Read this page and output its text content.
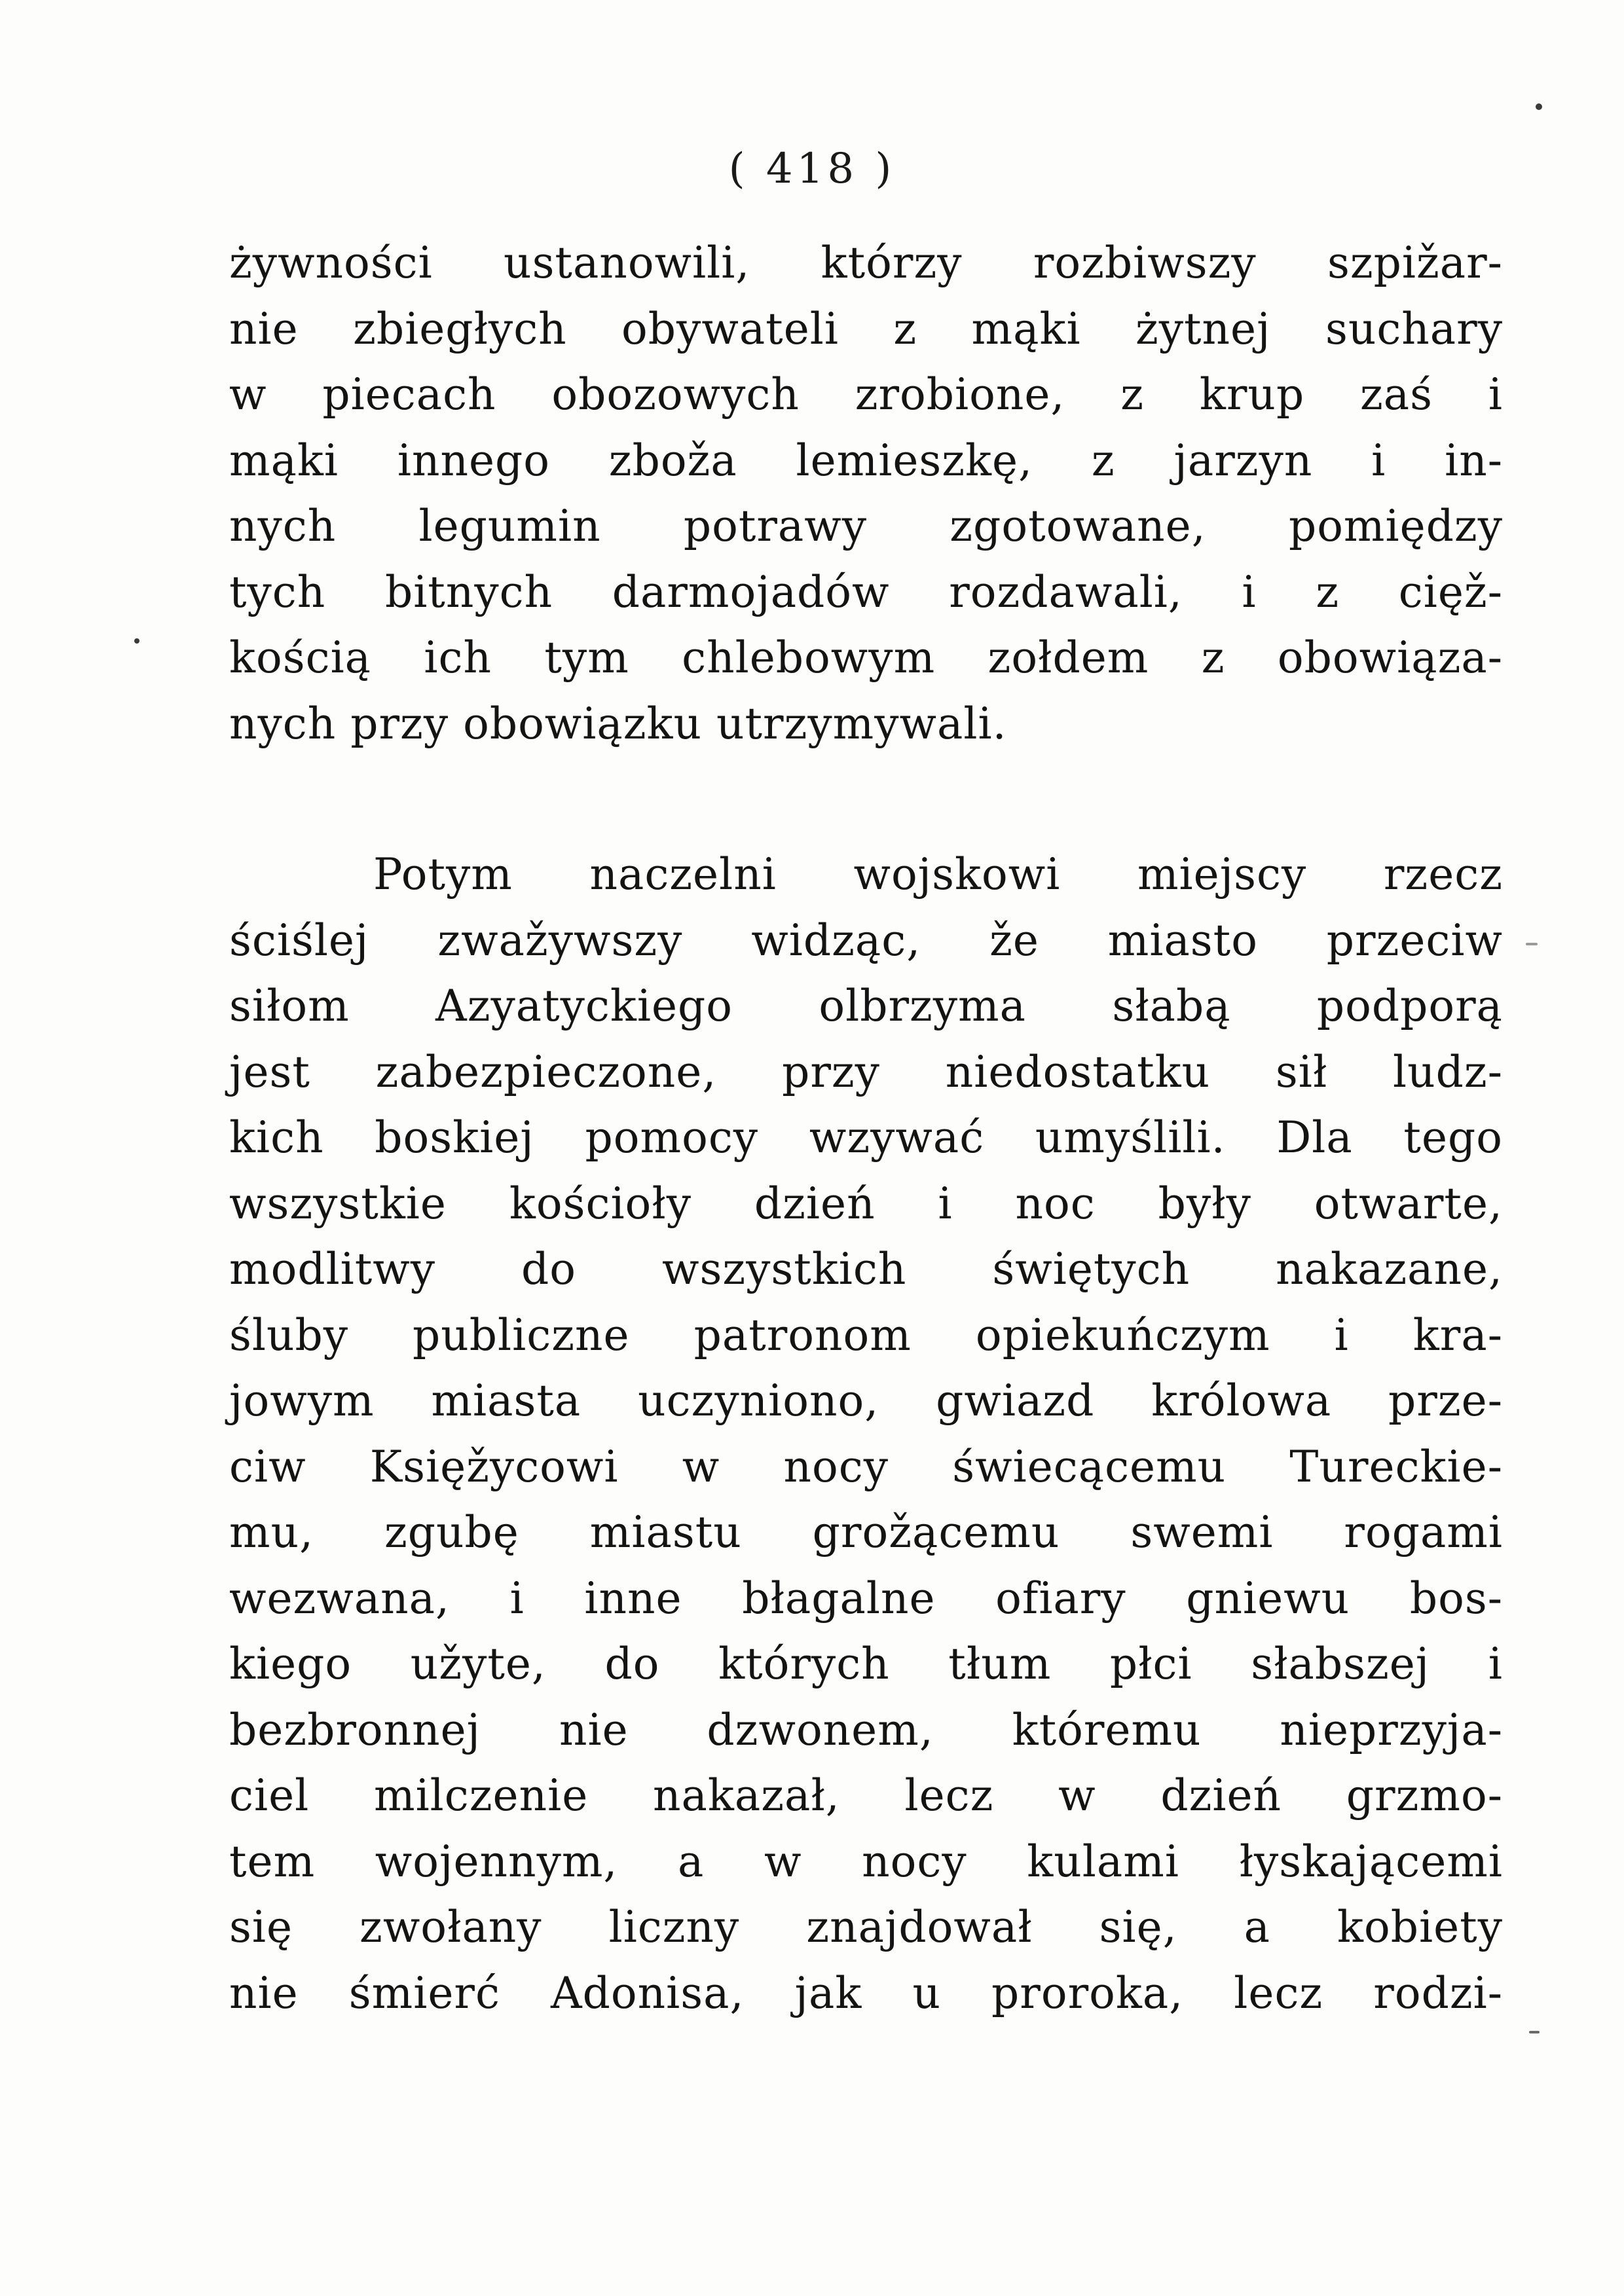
( 418 )
żywności ustanowili, którzy rozbiwszy szpižar-
nie zbiegłych obywateli z mąki żytnej suchary
w piecach obozowych zrobione, z krup zaś i
mąki innego zboža lemieszkę, z jarzyn i in-
nych legumin potrawy zgotowane, pomiędzy
tych bitnych darmojadów rozdawali, i z cięž-
kością ich tym chlebowym zołdem z obowiąza-
nych przy obowiązku utrzymywali.
Potym naczelni wojskowi miejscy rzecz
ściślej zwažywszy widząc, že miasto przeciw
siłom Azyatyckiego olbrzyma słabą podporą
jest zabezpieczone, przy niedostatku sił ludz-
kich boskiej pomocy wzywać umyślili. Dla tego
wszystkie kościoły dzień i noc były otwarte,
modlitwy do wszystkich świętych nakazane,
śluby publiczne patronom opiekuńczym i kra-
jowym miasta uczyniono, gwiazd królowa prze-
ciw Księžycowi w nocy świecącemu Tureckie-
mu, zgubę miastu grožącemu swemi rogami
wezwana, i inne błagalne ofiary gniewu bos-
kiego užyte, do których tłum płci słabszej i
bezbronnej nie dzwonem, któremu nieprzyja-
ciel milczenie nakazał, lecz w dzień grzmo-
tem wojennym, a w nocy kulami łyskającemi
się zwołany liczny znajdował się, a kobiety
nie śmierć Adonisa, jak u proroka, lecz rodzi-
